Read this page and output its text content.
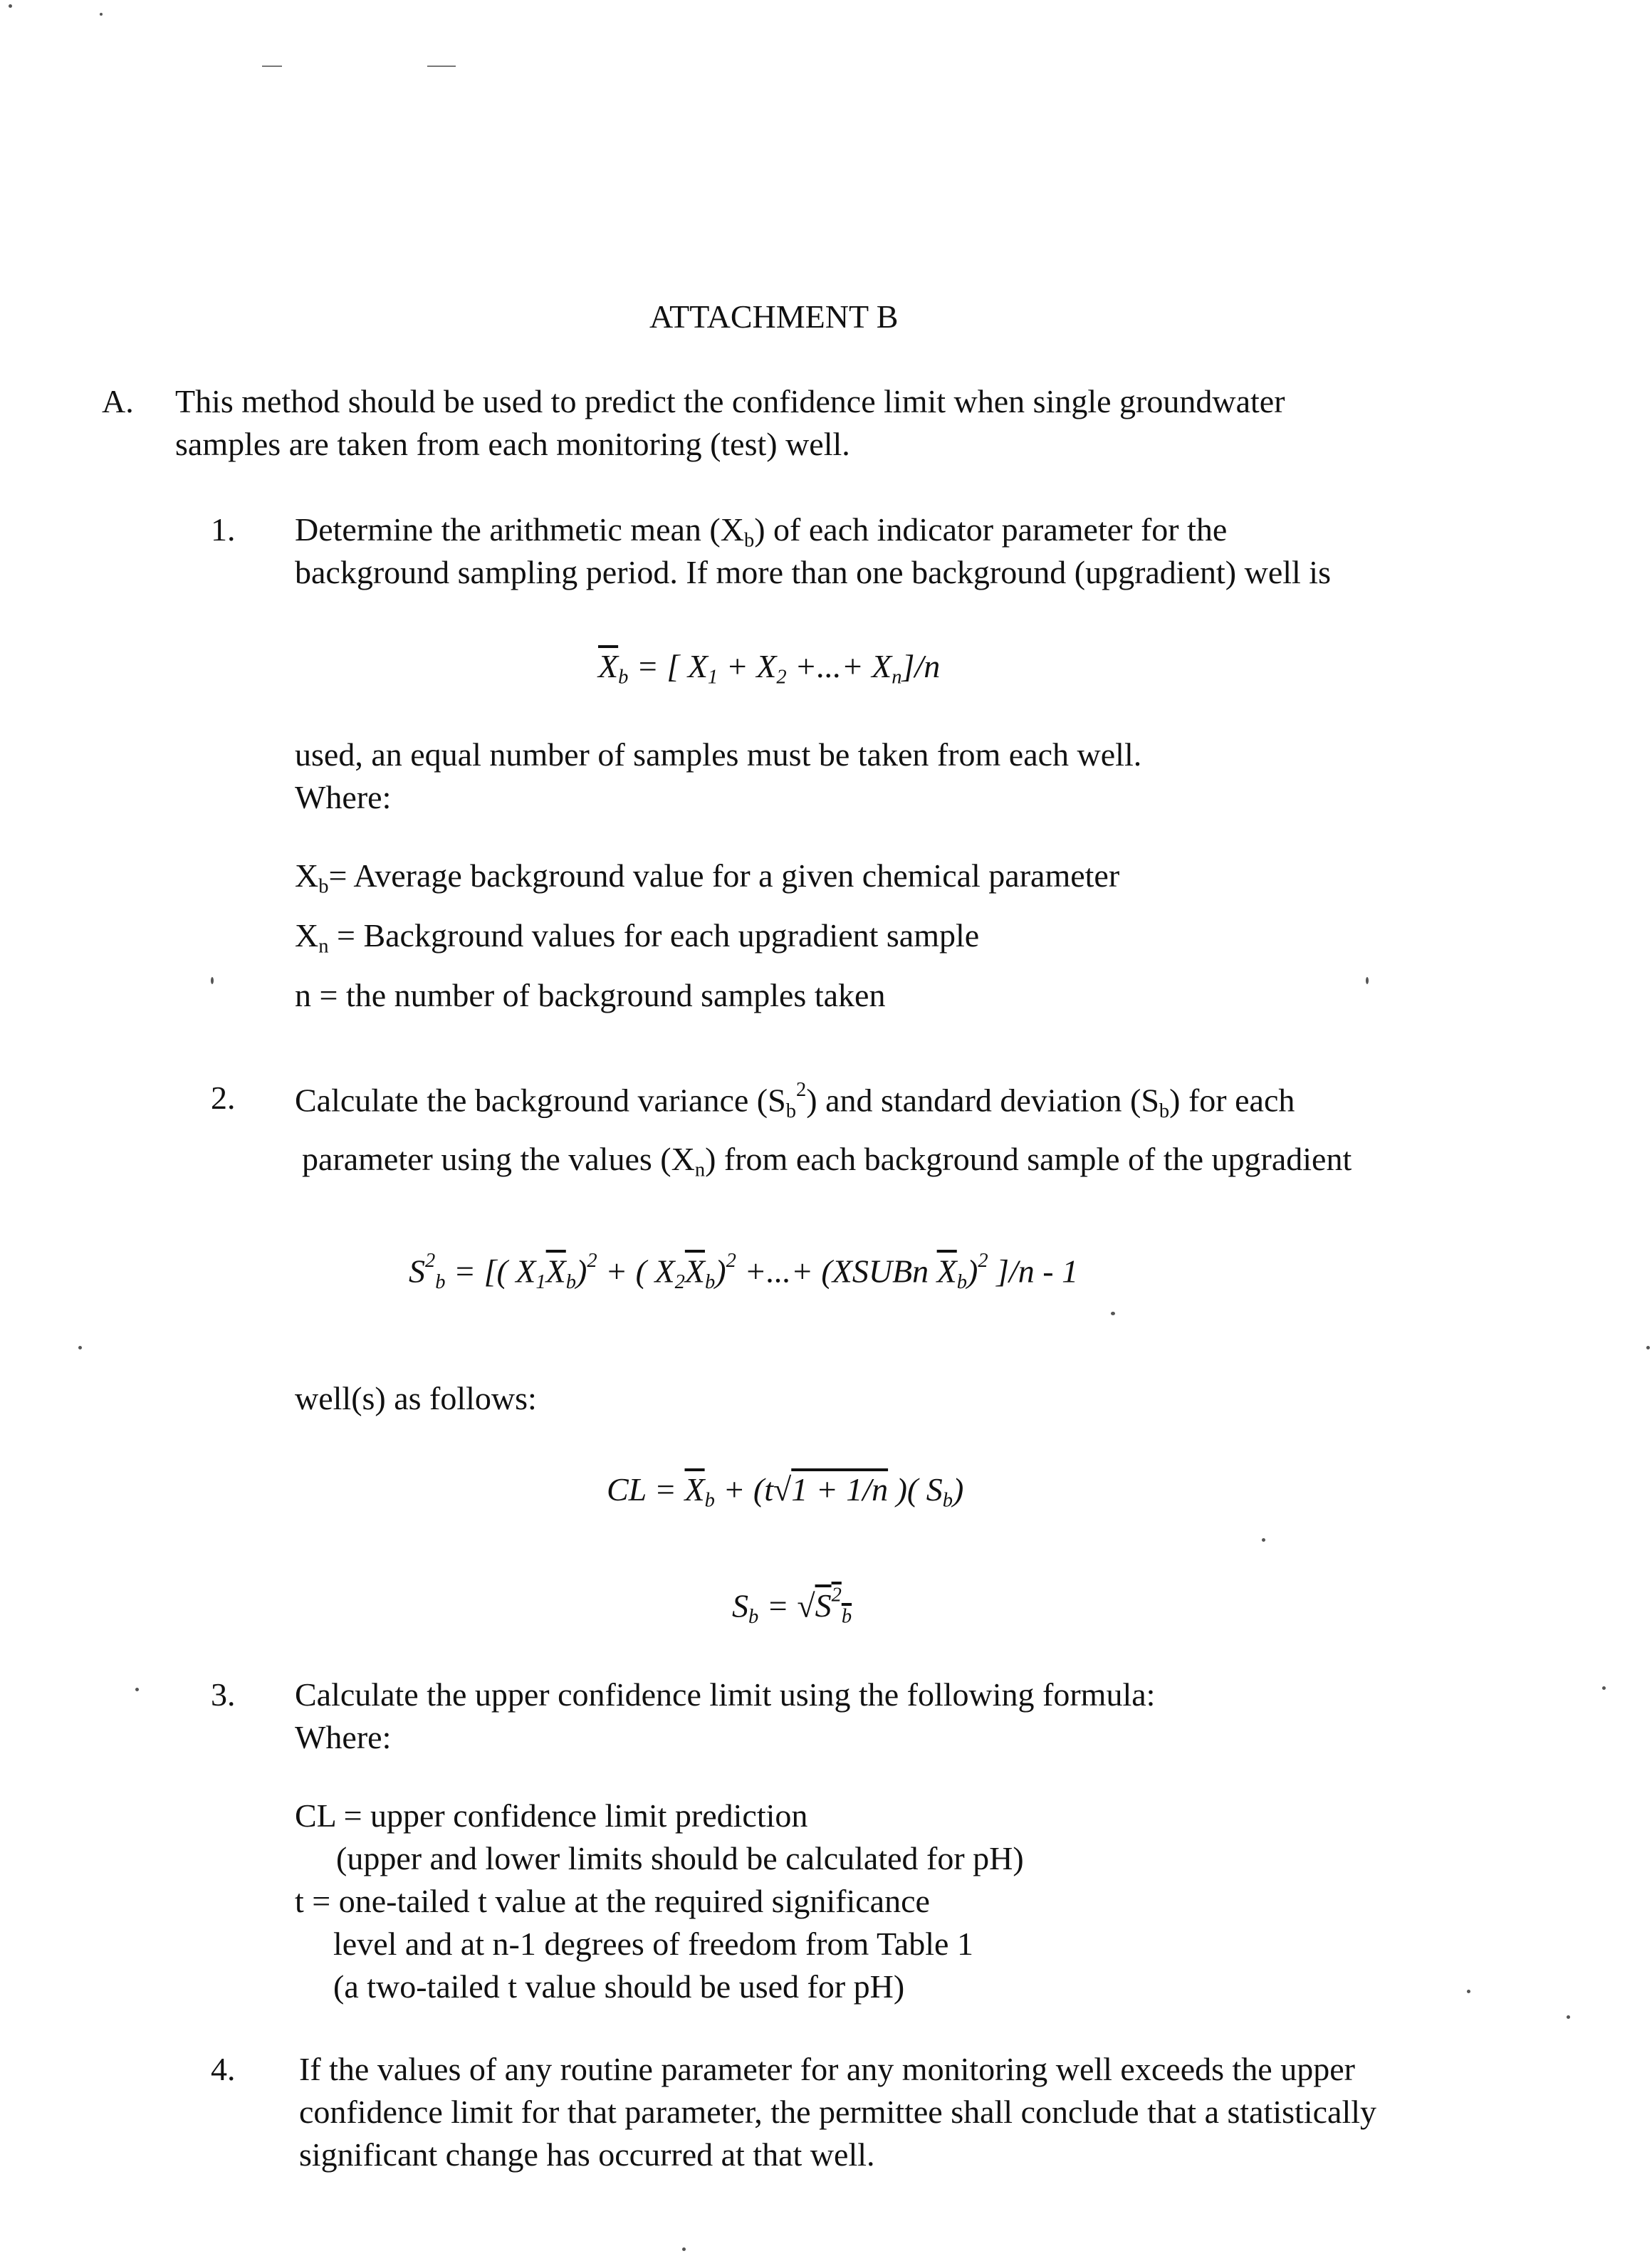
ATTACHMENT B
A. This method should be used to predict the confidence limit when single groundwater
samples are taken from each monitoring (test) well.
1. Determine the arithmetic mean $(X_b)$ of each indicator parameter for the
background sampling period. If more than one background (upgradient) well is
$\overline{X}_b$ = [ $X_1 + X_2$ +...+ $X_n]/n$
used, an equal number of samples must be taken from each well.
Where:
$X_b=$ Average background value for a given chemical parameter
$X_n$ = Background values for each upgradient sample
n = the number of background samples taken
2. Calculate the background variance $(S_b^2)$ and standard deviation $(S_b)$ for each
parameter using the values $(X_n)$ from each background sample of the upgradient
$S^2_b$ = [( $X_1\overline{X}_b)^2$ + ( $X_2\overline{X}_b)^2$ +...+ (XSUBn $\overline{X}_b)^2$ ]/n - 1
well(s) as follows:
CL = $\overline{X}_b + (t√1 + 1/n$ )( $S_b$)
$S_b = √S^2_b$
3. Calculate the upper confidence limit using the following formula:
Where:
CL = upper confidence limit prediction
(upper and lower limits should be calculated for pH)
t = one-tailed t value at the required significance
level and at n-1 degrees of freedom from Table 1
(a two-tailed t value should be used for pH)
4. If the values of any routine parameter for any monitoring well exceeds the upper
confidence limit for that parameter, the permittee shall conclude that a statistically
significant change has occurred at that well.
